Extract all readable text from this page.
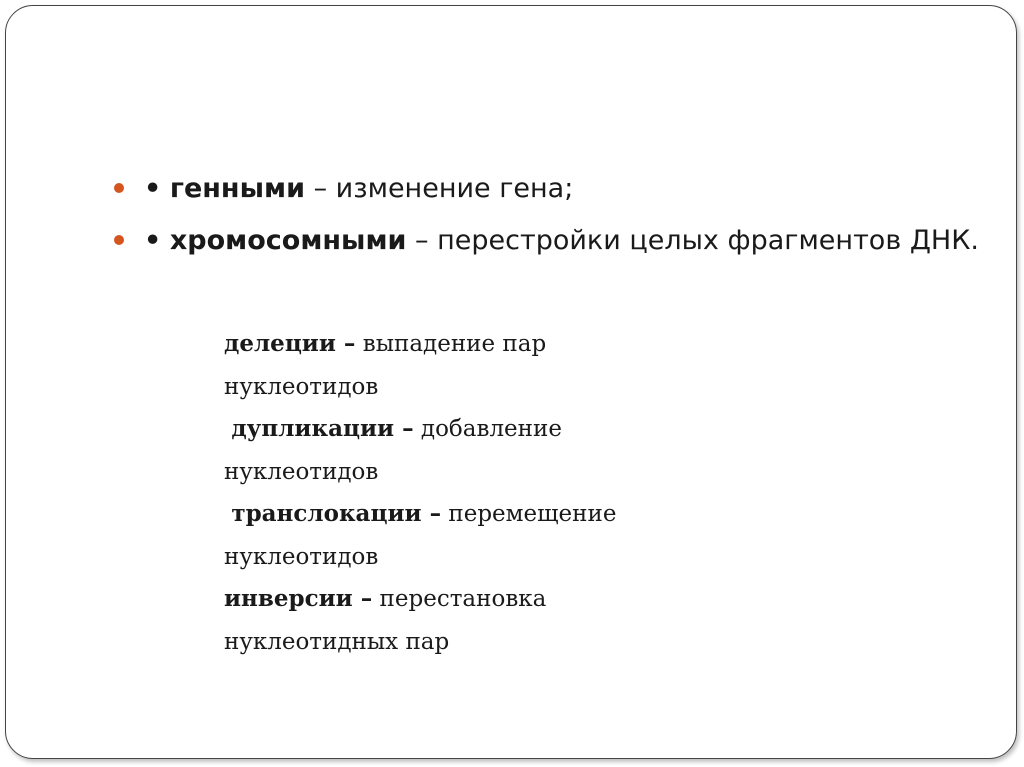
• генными – изменение гена;
• хромосомными – перестройки целых фрагментов ДНК.
делеции – выпадение пар
нуклеотидов
дупликации – добавление
нуклеотидов
транслокации – перемещение
нуклеотидов
инверсии – перестановка
нуклеотидных пар
